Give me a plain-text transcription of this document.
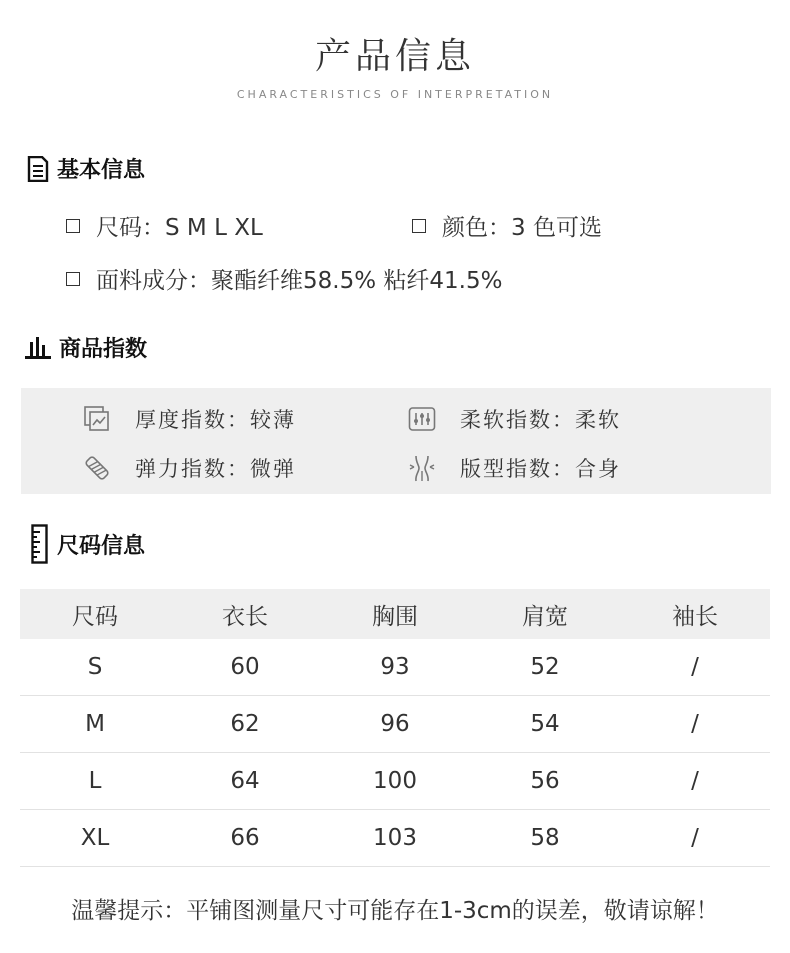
产品信息
CHARACTERISTICS OF INTERPRETATION
基本信息
尺码：S M L XL	颜色：3 色可选
面料成分：聚酯纤维58.5% 粘纤41.5%
商品指数
厚度指数：较薄	柔软指数：柔软
弹力指数：微弹	版型指数：合身
尺码信息
尺码	衣长	胸围	肩宽	袖长
S	60	93	52	/
M	62	96	54	/
L	64	100	56	/
XL	66	103	58	/
温馨提示：平铺图测量尺寸可能存在1-3cm的误差，敬请谅解！
